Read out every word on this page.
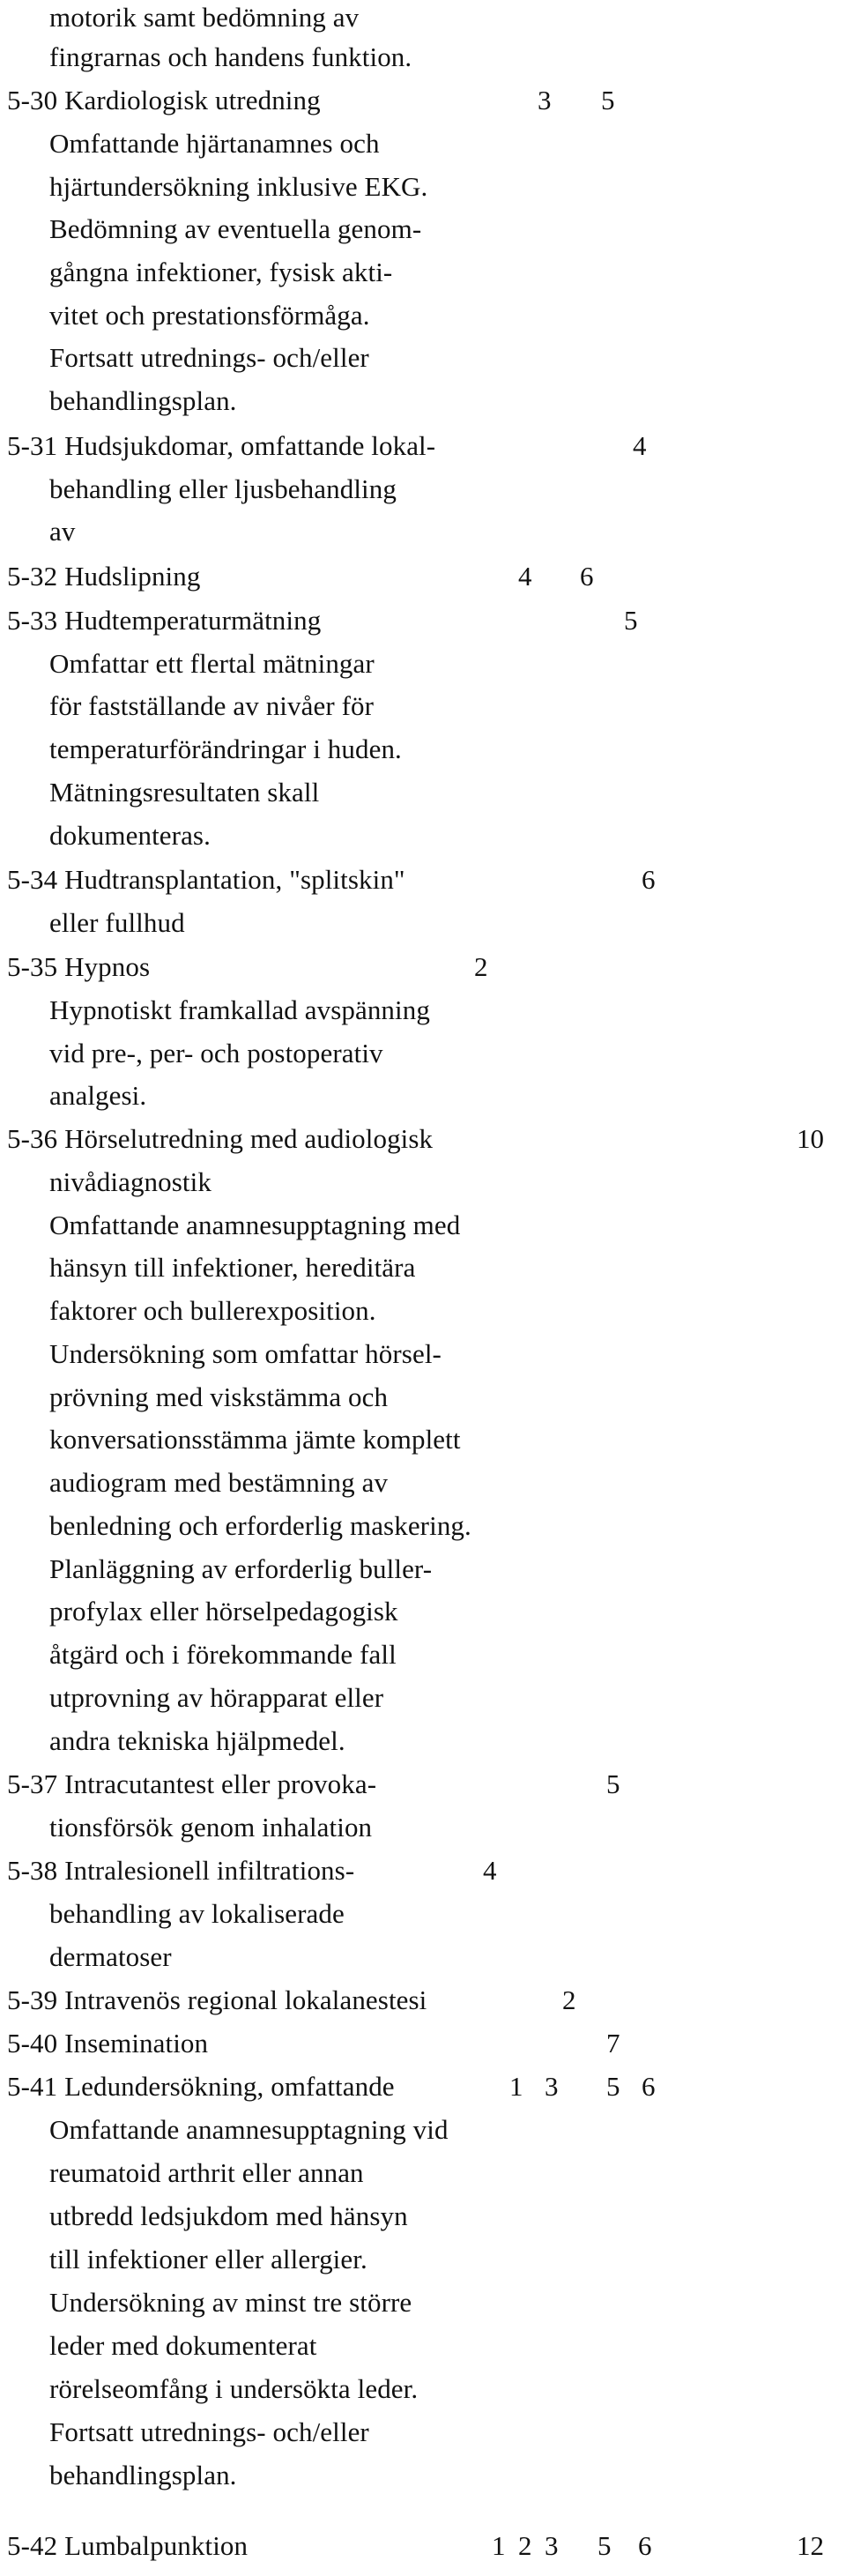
motorik samt bedömning av
fingrarnas och handens funktion.
5-30 Kardiologisk utredning	3 5
Omfattande hjärtanamnes och
hjärtundersökning inklusive EKG.
Bedömning av eventuella genom-
gångna infektioner, fysisk akti-
vitet och prestationsförmåga.
Fortsatt utrednings- och/eller
behandlingsplan.
5-31 Hudsjukdomar, omfattande lokal-	4
behandling eller ljusbehandling
av
5-32 Hudslipning	4 6
5-33 Hudtemperaturmätning	5
Omfattar ett flertal mätningar
för fastställande av nivåer för
temperaturförändringar i huden.
Mätningsresultaten skall
dokumenteras.
5-34 Hudtransplantation, "splitskin"	6
eller fullhud
5-35 Hypnos	2
Hypnotiskt framkallad avspänning
vid pre-, per- och postoperativ
analgesi.
5-36 Hörselutredning med audiologisk	10
nivådiagnostik
Omfattande anamnesupptagning med
hänsyn till infektioner, hereditära
faktorer och bullerexposition.
Undersökning som omfattar hörsel-
prövning med viskstämma och
konversationsstämma jämte komplett
audiogram med bestämning av
benledning och erforderlig maskering.
Planläggning av erforderlig buller-
profylax eller hörselpedagogisk
åtgärd och i förekommande fall
utprovning av hörapparat eller
andra tekniska hjälpmedel.
5-37 Intracutantest eller provoka-	5
tionsförsök genom inhalation
5-38 Intralesionell infiltrations-	4
behandling av lokaliserade
dermatoser
5-39 Intravenös regional lokalanestesi	2
5-40 Insemination	7
5-41 Ledundersökning, omfattande	1 3 5 6
Omfattande anamnesupptagning vid
reumatoid arthrit eller annan
utbredd ledsjukdom med hänsyn
till infektioner eller allergier.
Undersökning av minst tre större
leder med dokumenterat
rörelseomfång i undersökta leder.
Fortsatt utrednings- och/eller
behandlingsplan.
5-42 Lumbalpunktion	1 2 3 5 6	12
